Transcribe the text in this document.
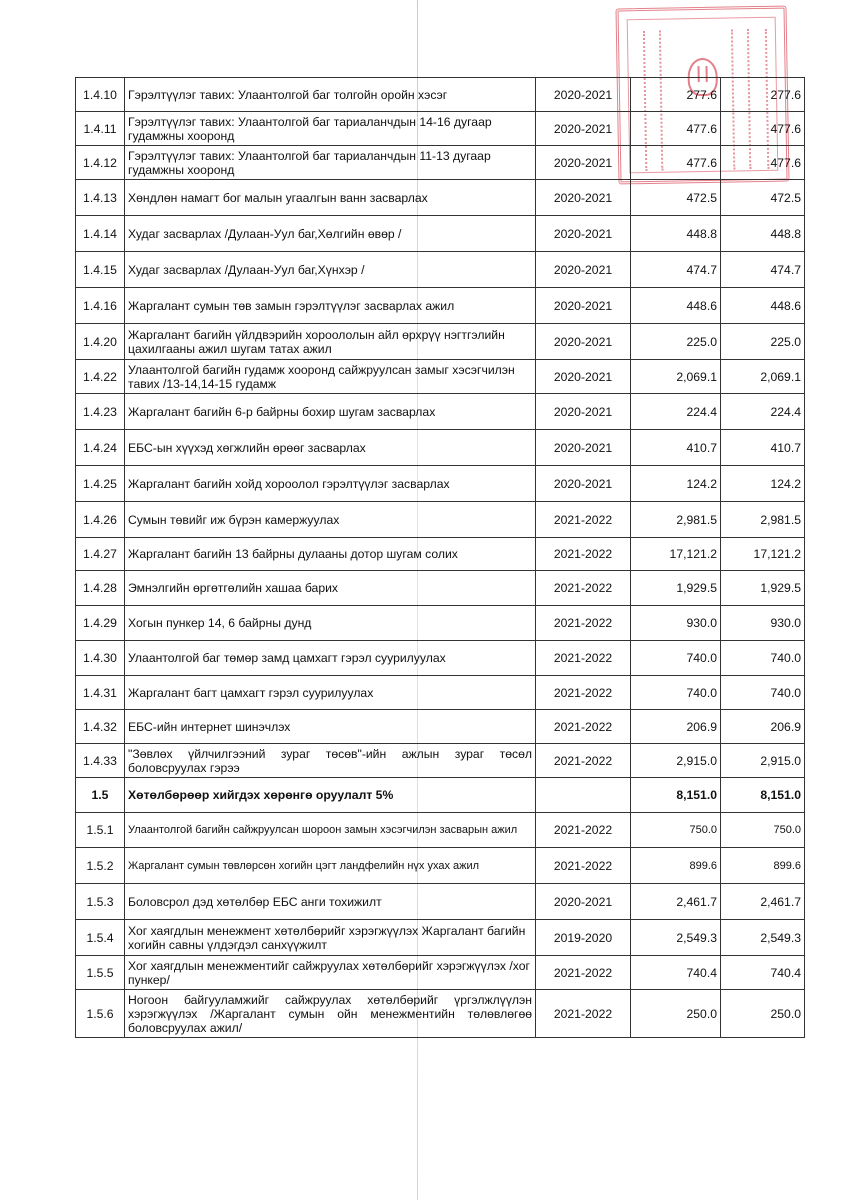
1.4.10	Гэрэлтүүлэг тавих: Улаантолгой баг толгойн оройн хэсэг	2020-2021	277.6	277.6
1.4.11	Гэрэлтүүлэг тавих: Улаантолгой баг тариаланчдын 14-16 дугаар гудамжны хооронд	2020-2021	477.6	477.6
1.4.12	Гэрэлтүүлэг тавих: Улаантолгой баг тариаланчдын 11-13 дугаар гудамжны хооронд	2020-2021	477.6	477.6
1.4.13	Хөндлөн намагт бог малын угаалгын ванн засварлах	2020-2021	472.5	472.5
1.4.14	Худаг засварлах /Дулаан-Уул баг,Хөлгийн өвөр /	2020-2021	448.8	448.8
1.4.15	Худаг засварлах /Дулаан-Уул баг,Хүнхэр /	2020-2021	474.7	474.7
1.4.16	Жаргалант сумын төв замын гэрэлтүүлэг засварлах ажил	2020-2021	448.6	448.6
1.4.20	Жаргалант багийн үйлдвэрийн хороололын айл өрхрүү нэгтгэлийн цахилгааны ажил шугам татах ажил	2020-2021	225.0	225.0
1.4.22	Улаантолгой багийн гудамж хооронд сайжруулсан замыг хэсэгчилэн тавих /13-14,14-15 гудамж	2020-2021	2,069.1	2,069.1
1.4.23	Жаргалант багийн 6-р байрны бохир шугам засварлах	2020-2021	224.4	224.4
1.4.24	ЕБС-ын хүүхэд хөгжлийн өрөөг засварлах	2020-2021	410.7	410.7
1.4.25	Жаргалант багийн хойд хороолол гэрэлтүүлэг засварлах	2020-2021	124.2	124.2
1.4.26	Сумын төвийг иж бүрэн камержуулах	2021-2022	2,981.5	2,981.5
1.4.27	Жаргалант багийн 13 байрны дулааны дотор шугам солих	2021-2022	17,121.2	17,121.2
1.4.28	Эмнэлгийн өргөтгөлийн хашаа барих	2021-2022	1,929.5	1,929.5
1.4.29	Хогын пункер 14, 6 байрны дунд	2021-2022	930.0	930.0
1.4.30	Улаантолгой баг төмөр замд цамхагт гэрэл суурилуулах	2021-2022	740.0	740.0
1.4.31	Жаргалант багт цамхагт гэрэл суурилуулах	2021-2022	740.0	740.0
1.4.32	ЕБС-ийн интернет шинэчлэх	2021-2022	206.9	206.9
1.4.33	"Зөвлөх үйлчилгээний зураг төсөв"-ийн ажлын зураг төсөл боловсруулах гэрээ	2021-2022	2,915.0	2,915.0
1.5	Хөтөлбөрөөр хийгдэх хөрөнгө оруулалт 5%		8,151.0	8,151.0
1.5.1	Улаантолгой багийн сайжруулсан шороон замын хэсэгчилэн засварын ажил	2021-2022	750.0	750.0
1.5.2	Жаргалант сумын төвлөрсөн хогийн цэгт ландфелийн нүх ухах ажил	2021-2022	899.6	899.6
1.5.3	Боловсрол дэд хөтөлбөр ЕБС анги тохижилт	2020-2021	2,461.7	2,461.7
1.5.4	Хог хаягдлын менежмент хөтөлбөрийг хэрэгжүүлэх Жаргалант багийн хогийн савны үлдэгдэл санхүүжилт	2019-2020	2,549.3	2,549.3
1.5.5	Хог хаягдлын менежментийг сайжруулах хөтөлбөрийг хэрэгжүүлэх /хог пункер/	2021-2022	740.4	740.4
1.5.6	Ногоон байгууламжийг сайжруулах хөтөлбөрийг үргэлжлүүлэн хэрэгжүүлэх /Жаргалант сумын ойн менежментийн төлөвлөгөө боловсруулах ажил/	2021-2022	250.0	250.0
